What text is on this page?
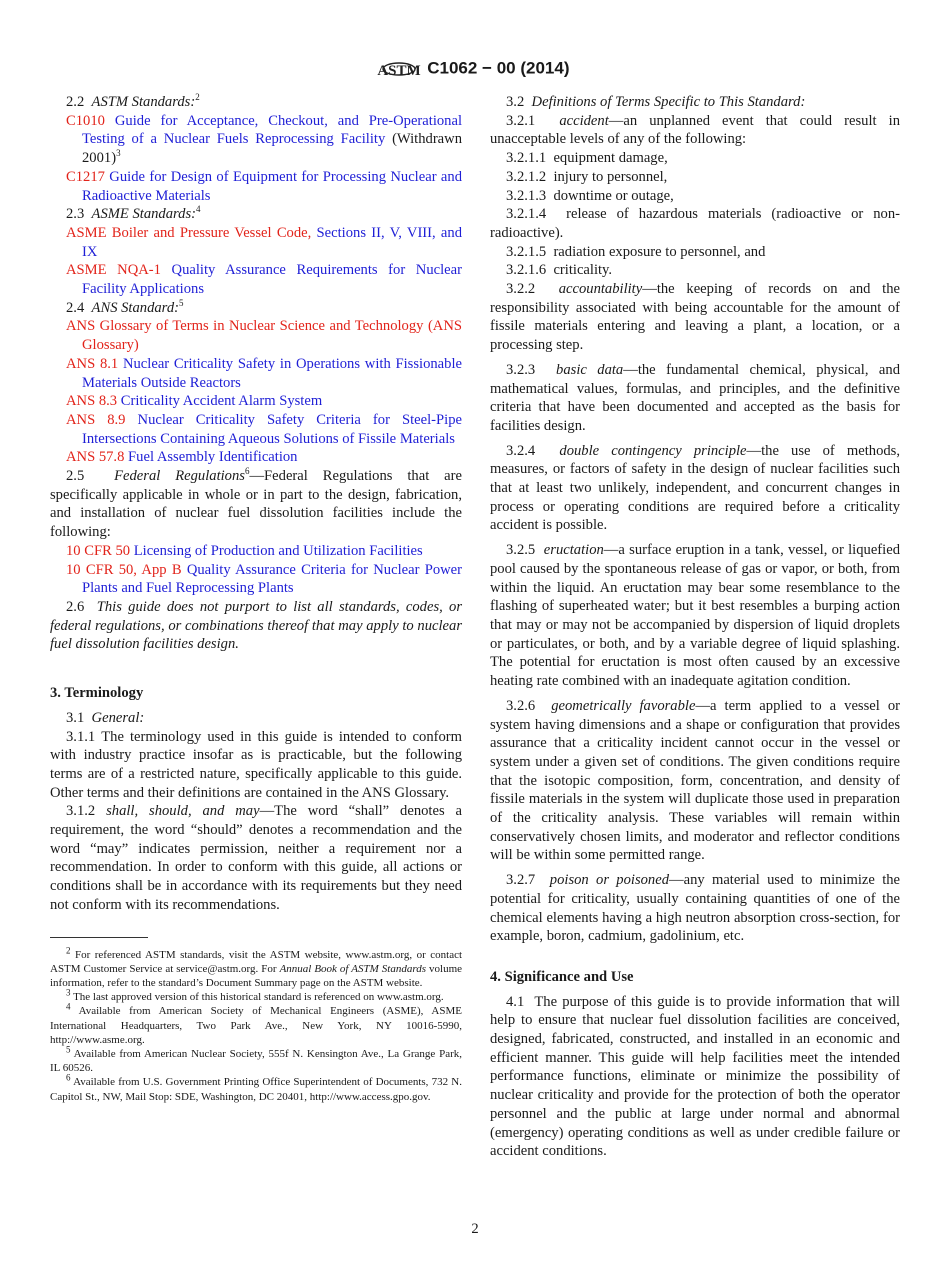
ASTM C1062 − 00 (2014)

2.2 ASTM Standards:$^2$

C1010 Guide for Acceptance, Checkout, and Pre-Operational Testing of a Nuclear Fuels Reprocessing Facility (Withdrawn 2001)$^3$

C1217 Guide for Design of Equipment for Processing Nuclear and Radioactive Materials

2.3 ASME Standards:$^4$

ASME Boiler and Pressure Vessel Code, Sections II, V, VIII, and IX

ASME NQA-1 Quality Assurance Requirements for Nuclear Facility Applications

2.4 ANS Standard:$^5$

ANS Glossary of Terms in Nuclear Science and Technology (ANS Glossary)

ANS 8.1 Nuclear Criticality Safety in Operations with Fissionable Materials Outside Reactors

ANS 8.3 Criticality Accident Alarm System

ANS 8.9 Nuclear Criticality Safety Criteria for Steel-Pipe Intersections Containing Aqueous Solutions of Fissile Materials

ANS 57.8 Fuel Assembly Identification

2.5 Federal Regulations$^6$—Federal Regulations that are specifically applicable in whole or in part to the design, fabrication, and installation of nuclear fuel dissolution facilities include the following:

10 CFR 50 Licensing of Production and Utilization Facilities

10 CFR 50, App B Quality Assurance Criteria for Nuclear Power Plants and Fuel Reprocessing Plants

2.6 This guide does not purport to list all standards, codes, or federal regulations, or combinations thereof that may apply to nuclear fuel dissolution facilities design.

3. Terminology

3.1 General:

3.1.1 The terminology used in this guide is intended to conform with industry practice insofar as is practicable, but the following terms are of a restricted nature, specifically applicable to this guide. Other terms and their definitions are contained in the ANS Glossary.

3.1.2 shall, should, and may—The word “shall” denotes a requirement, the word “should” denotes a recommendation and the word “may” indicates permission, neither a requirement nor a recommendation. In order to conform with this guide, all actions or conditions shall be in accordance with its requirements but they need not conform with its recommendations.

$^2$ For referenced ASTM standards, visit the ASTM website, www.astm.org, or contact ASTM Customer Service at service@astm.org. For Annual Book of ASTM Standards volume information, refer to the standard’s Document Summary page on the ASTM website.

$^3$ The last approved version of this historical standard is referenced on www.astm.org.

$^4$ Available from American Society of Mechanical Engineers (ASME), ASME International Headquarters, Two Park Ave., New York, NY 10016-5990, http://www.asme.org.

$^5$ Available from American Nuclear Society, 555f N. Kensington Ave., La Grange Park, IL 60526.

$^6$ Available from U.S. Government Printing Office Superintendent of Documents, 732 N. Capitol St., NW, Mail Stop: SDE, Washington, DC 20401, http://www.access.gpo.gov.

3.2 Definitions of Terms Specific to This Standard:

3.2.1 accident—an unplanned event that could result in unacceptable levels of any of the following:

3.2.1.1 equipment damage,

3.2.1.2 injury to personnel,

3.2.1.3 downtime or outage,

3.2.1.4 release of hazardous materials (radioactive or non-radioactive).

3.2.1.5 radiation exposure to personnel, and

3.2.1.6 criticality.

3.2.2 accountability—the keeping of records on and the responsibility associated with being accountable for the amount of fissile materials entering and leaving a plant, a location, or a processing step.

3.2.3 basic data—the fundamental chemical, physical, and mathematical values, formulas, and principles, and the definitive criteria that have been documented and accepted as the basis for facilities design.

3.2.4 double contingency principle—the use of methods, measures, or factors of safety in the design of nuclear facilities such that at least two unlikely, independent, and concurrent changes in process or operating conditions are required before a criticality accident is possible.

3.2.5 eructation—a surface eruption in a tank, vessel, or liquefied pool caused by the spontaneous release of gas or vapor, or both, from within the liquid. An eructation may bear some resemblance to the flashing of superheated water; but it best resembles a burping action that may or may not be accompanied by dispersion of liquid droplets or particulates, or both, and by a variable degree of liquid splashing. The potential for eructation is most often caused by an excessive heating rate combined with an inadequate agitation condition.

3.2.6 geometrically favorable—a term applied to a vessel or system having dimensions and a shape or configuration that provides assurance that a criticality incident cannot occur in the vessel or system under a given set of conditions. The given conditions require that the isotopic composition, form, concentration, and density of fissile materials in the system will duplicate those used in preparation of the criticality analysis. These variables will remain within conservatively chosen limits, and moderator and reflector conditions will be within some permitted range.

3.2.7 poison or poisoned—any material used to minimize the potential for criticality, usually containing quantities of one of the chemical elements having a high neutron absorption cross-section, for example, boron, cadmium, gadolinium, etc.

4. Significance and Use

4.1 The purpose of this guide is to provide information that will help to ensure that nuclear fuel dissolution facilities are conceived, designed, fabricated, constructed, and installed in an economic and efficient manner. This guide will help facilities meet the intended performance functions, eliminate or minimize the possibility of nuclear criticality and provide for the protection of both the operator personnel and the public at large under normal and abnormal (emergency) operating conditions as well as under credible failure or accident conditions.

2
